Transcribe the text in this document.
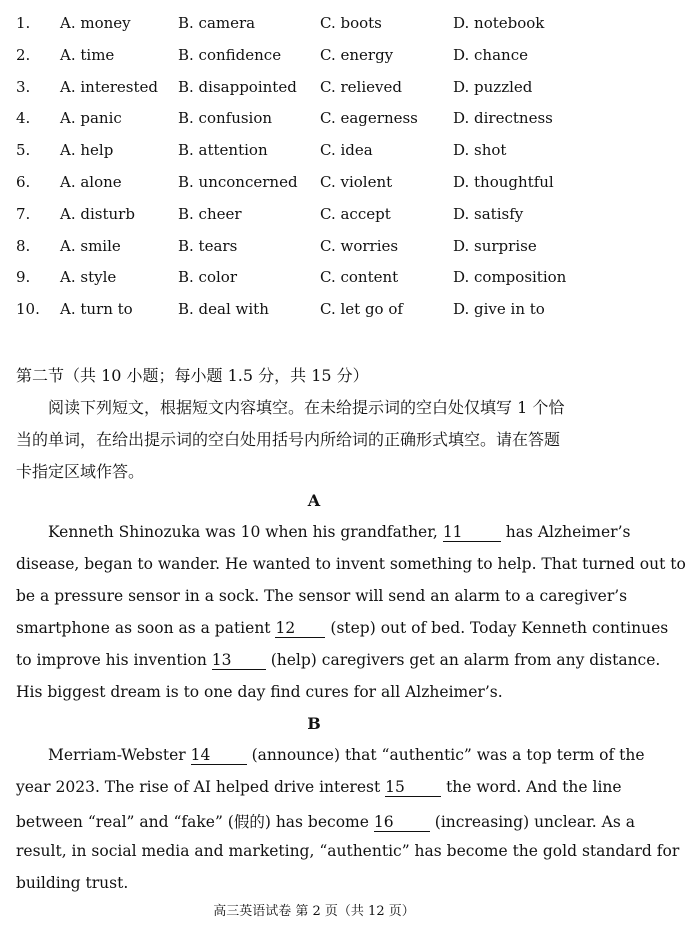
1. A. money	B. camera	C. boots	D. notebook
2. A. time	B. confidence	C. energy	D. chance
3. A. interested B. disappointed C. relieved	D. puzzled
4. A. panic	B. confusion	C. eagerness D. directness
5. A. help	B. attention	C. idea	D. shot
6. A. alone	B. unconcerned C. violent	D. thoughtful
7. A. disturb	B. cheer	C. accept	D. satisfy
8. A. smile	B. tears	C. worries	D. surprise
9. A. style	B. color	C. content	D. composition
10. A. turn to	B. deal with	C. let go of	D. give in to
第二节（共 10 小题；每小题 1.5 分，共 15 分）
阅读下列短文，根据短文内容填空。在未给提示词的空白处仅填写 1 个恰
当的单词，在给出提示词的空白处用括号内所给词的正确形式填空。请在答题
卡指定区域作答。
A
Kenneth Shinozuka was 10 when his grandfather, 11	has Alzheimer’s
disease, began to wander. He wanted to invent something to help. That turned out to
be a pressure sensor in a sock. The sensor will send an alarm to a caregiver’s
smartphone as soon as a patient 12 (step) out of bed. Today Kenneth continues
to improve his invention 13	(help) caregivers get an alarm from any distance.
His biggest dream is to one day find cures for all Alzheimer’s.
B
Merriam-Webster 14	(announce) that “authentic” was a top term of the
year 2023. The rise of AI helped drive interest 15	the word. And the line
between “real” and “fake” (假的) has become 16	(increasing) unclear. As a
result, in social media and marketing, “authentic” has become the gold standard for
building trust.
高三英语试卷 第 2 页（共 12 页）
